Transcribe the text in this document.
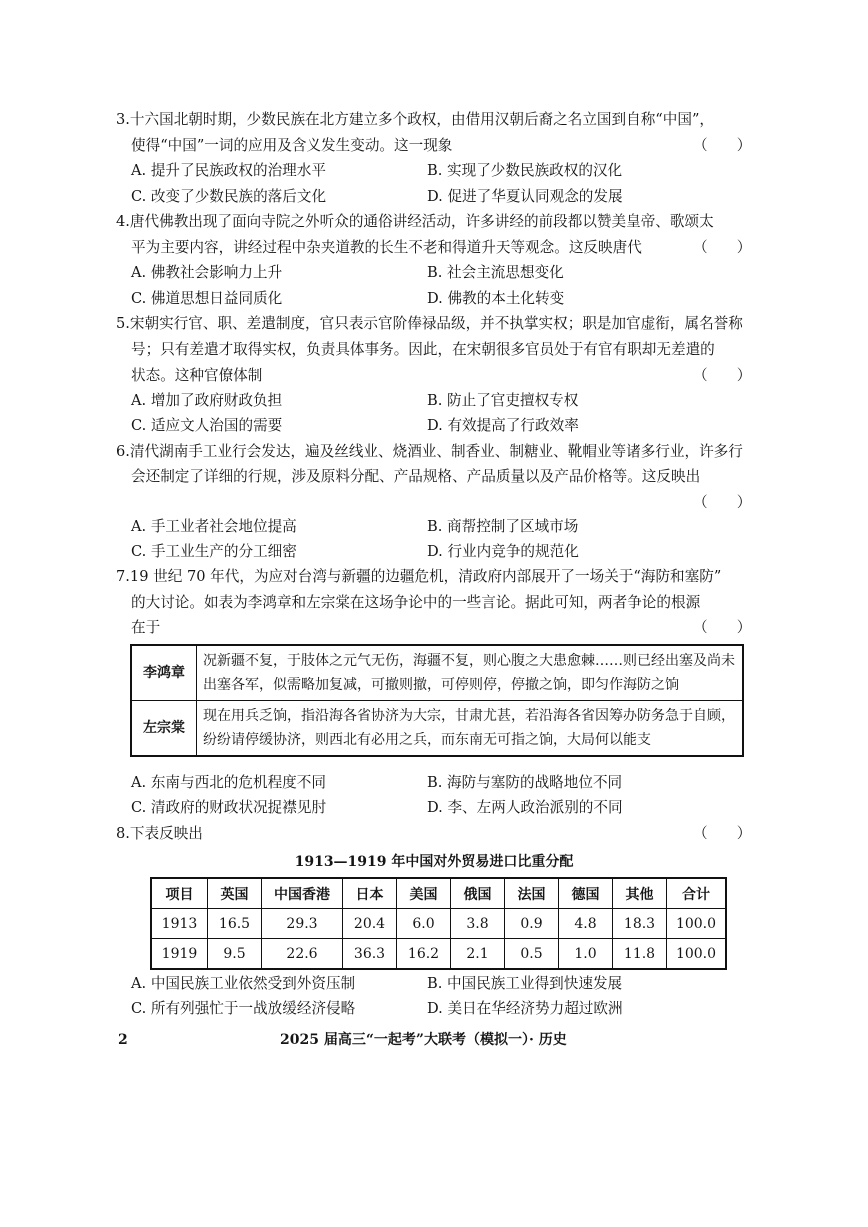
3.十六国北朝时期，少数民族在北方建立多个政权，由借用汉朝后裔之名立国到自称“中国”，
使得“中国”一词的应用及含义发生变动。这一现象	（　　）
A. 提升了民族政权的治理水平	B. 实现了少数民族政权的汉化
C. 改变了少数民族的落后文化	D. 促进了华夏认同观念的发展
4.唐代佛教出现了面向寺院之外听众的通俗讲经活动，许多讲经的前段都以赞美皇帝、歌颂太
平为主要内容，讲经过程中杂夹道教的长生不老和得道升天等观念。这反映唐代	（　　）
A. 佛教社会影响力上升	B. 社会主流思想变化
C. 佛道思想日益同质化	D. 佛教的本土化转变
5.宋朝实行官、职、差遣制度，官只表示官阶俸禄品级，并不执掌实权；职是加官虚衔，属名誉称
号；只有差遣才取得实权，负责具体事务。因此，在宋朝很多官员处于有官有职却无差遣的
状态。这种官僚体制	（　　）
A. 增加了政府财政负担	B. 防止了官吏擅权专权
C. 适应文人治国的需要	D. 有效提高了行政效率
6.清代湖南手工业行会发达，遍及丝线业、烧酒业、制香业、制糖业、靴帽业等诸多行业，许多行
会还制定了详细的行规，涉及原料分配、产品规格、产品质量以及产品价格等。这反映出
（　　）
A. 手工业者社会地位提高	B. 商帮控制了区域市场
C. 手工业生产的分工细密	D. 行业内竞争的规范化
7.19 世纪 70 年代，为应对台湾与新疆的边疆危机，清政府内部展开了一场关于“海防和塞防”
的大讨论。如表为李鸿章和左宗棠在这场争论中的一些言论。据此可知，两者争论的根源
在于	（　　）
李鸿章	况新疆不复，于肢体之元气无伤，海疆不复，则心腹之大患愈棘……则已经出塞及尚未出塞各军，似需略加复减，可撤则撤，可停则停，停撤之饷，即匀作海防之饷
左宗棠	现在用兵乏饷，指沿海各省协济为大宗，甘肃尤甚，若沿海各省因筹办防务急于自顾，纷纷请停缓协济，则西北有必用之兵，而东南无可指之饷，大局何以能支
A. 东南与西北的危机程度不同	B. 海防与塞防的战略地位不同
C. 清政府的财政状况捉襟见肘	D. 李、左两人政治派别的不同
8.下表反映出	（　　）
1913—1919 年中国对外贸易进口比重分配
项目	英国	中国香港	日本	美国	俄国	法国	德国	其他	合计
1913	16.5	29.3	20.4	6.0	3.8	0.9	4.8	18.3	100.0
1919	9.5	22.6	36.3	16.2	2.1	0.5	1.0	11.8	100.0
A. 中国民族工业依然受到外资压制	B. 中国民族工业得到快速发展
C. 所有列强忙于一战放缓经济侵略	D. 美日在华经济势力超过欧洲
2	2025 届高三“一起考”大联考（模拟一）· 历史
